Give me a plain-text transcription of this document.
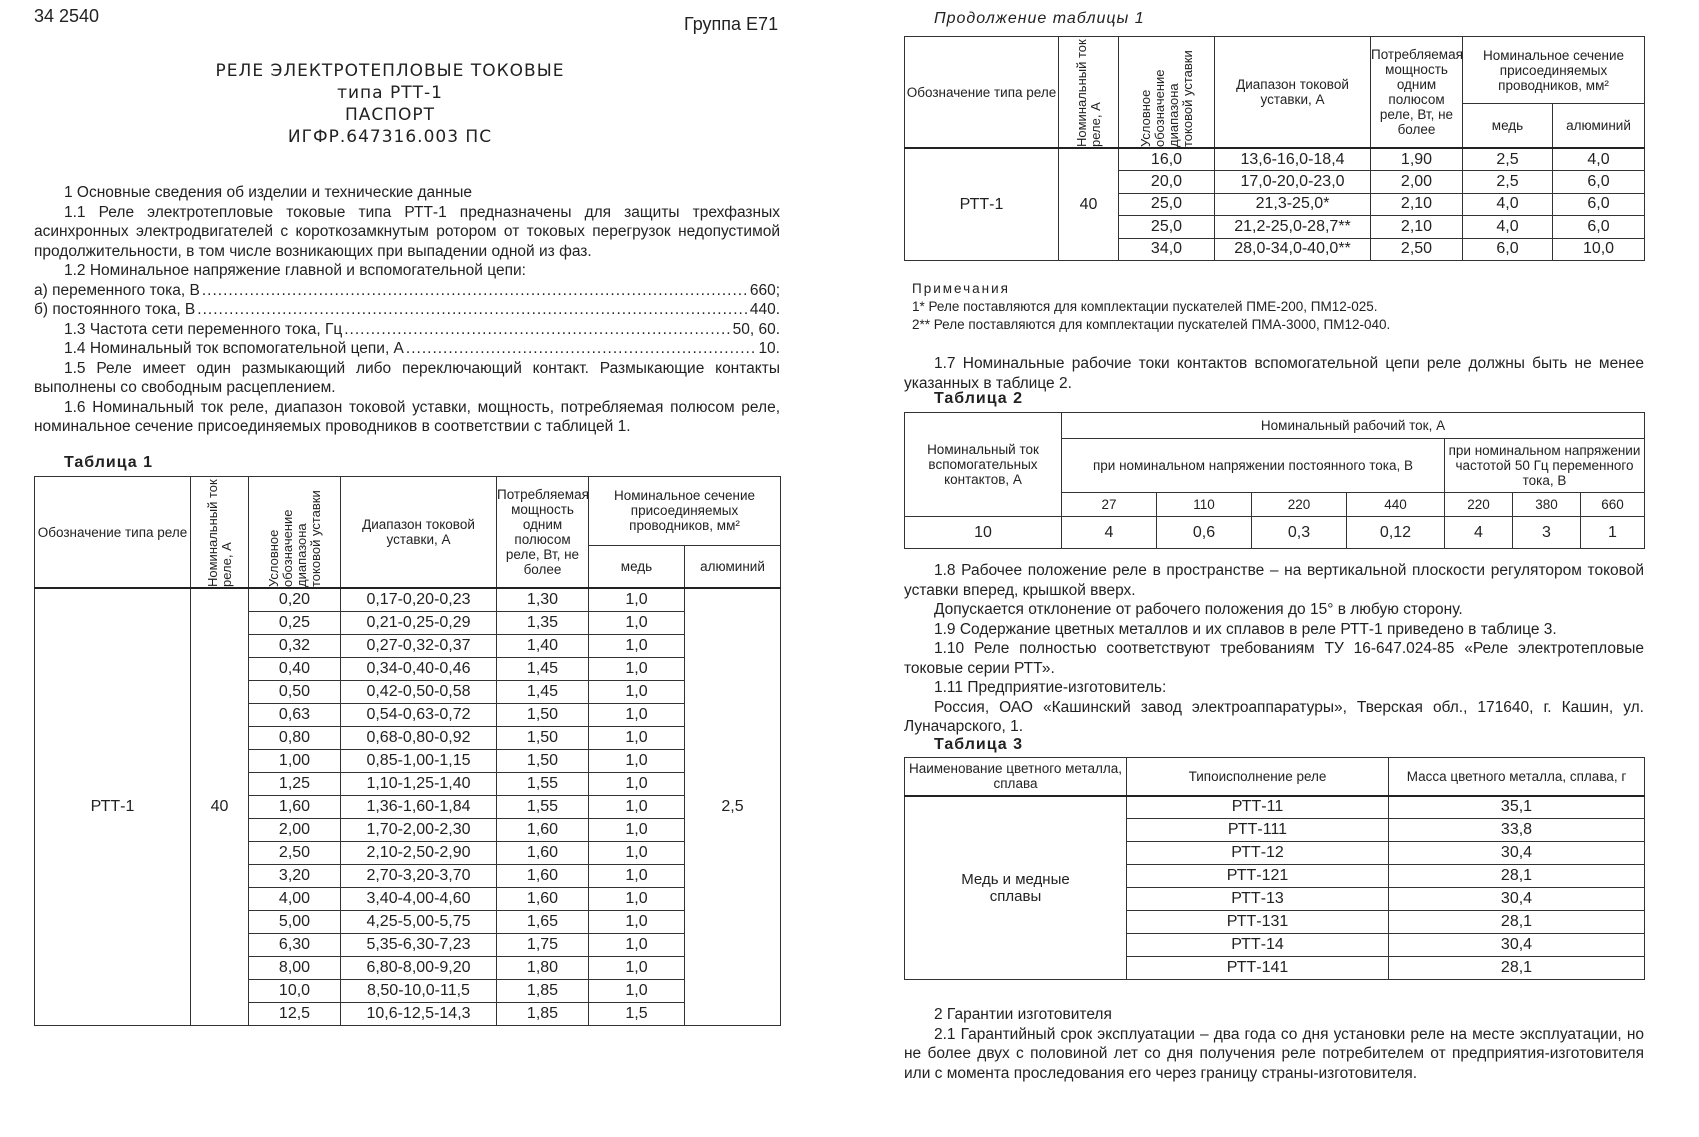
34 2540	Группа Е71

РЕЛЕ ЭЛЕКТРОТЕПЛОВЫЕ ТОКОВЫЕ

типа РТТ-1

ПАСПОРТ

ИГФР.647316.003 ПС

1 Основные сведения об изделии и технические данные

1.1 Реле электротепловые токовые типа РТТ-1 предназначены для защиты трехфазных асинхронных электродвигателей с короткозамкнутым ротором от токовых перегрузок недопустимой продолжительности, в том числе возникающих при выпадении одной из фаз.

1.2 Номинальное напряжение главной и вспомогательной цепи:

а) переменного тока, В .....	660;
б) постоянного тока, В .....	440.
1.3 Частота сети переменного тока, Гц .....	50, 60.
1.4 Номинальный ток вспомогательной цепи, А .....	10.

1.5 Реле имеет один размыкающий либо переключающий контакт. Размыкающие контакты выполнены со свободным расцеплением.

1.6 Номинальный ток реле, диапазон токовой уставки, мощность, потребляемая полюсом реле, номинальное сечение присоединяемых проводников в соответствии с таблицей 1.

Таблица 1
Обозначение типа реле	Номинальный ток реле, А	Условное обозначение диапазона токовой уставки	Диапазон токовой уставки, А	Потребляемая мощность одним полюсом реле, Вт, не более	Номинальное сечение присоединяемых проводников, мм²	
					медь	алюминий
РТТ-1	40	0,20	0,17-0,20-0,23	1,30	1,0	2,5
		0,25	0,21-0,25-0,29	1,35	1,0	
		0,32	0,27-0,32-0,37	1,40	1,0	
		0,40	0,34-0,40-0,46	1,45	1,0	
		0,50	0,42-0,50-0,58	1,45	1,0	
		0,63	0,54-0,63-0,72	1,50	1,0	
		0,80	0,68-0,80-0,92	1,50	1,0	
		1,00	0,85-1,00-1,15	1,50	1,0	
		1,25	1,10-1,25-1,40	1,55	1,0	
		1,60	1,36-1,60-1,84	1,55	1,0	
		2,00	1,70-2,00-2,30	1,60	1,0	
		2,50	2,10-2,50-2,90	1,60	1,0	
		3,20	2,70-3,20-3,70	1,60	1,0	
		4,00	3,40-4,00-4,60	1,60	1,0	
		5,00	4,25-5,00-5,75	1,65	1,0	
		6,30	5,35-6,30-7,23	1,75	1,0	
		8,00	6,80-8,00-9,20	1,80	1,0	
		10,0	8,50-10,0-11,5	1,85	1,0	
		12,5	10,6-12,5-14,3	1,85	1,5	
Продолжение таблицы 1
Обозначение типа реле	Номинальный ток реле, А	Условное обозначение диапазона токовой уставки	Диапазон токовой уставки, А	Потребляемая мощность одним полюсом реле, Вт, не более	Номинальное сечение присоединяемых проводников, мм²	
					медь	алюминий
РТТ-1	40	16,0	13,6-16,0-18,4	1,90	2,5	4,0
		20,0	17,0-20,0-23,0	2,00	2,5	6,0
		25,0	21,3-25,0*	2,10	4,0	6,0
		25,0	21,2-25,0-28,7**	2,10	4,0	6,0
		34,0	28,0-34,0-40,0**	2,50	6,0	10,0
Примечания
1* Реле поставляются для комплектации пускателей ПМЕ-200, ПМ12-025.
2** Реле поставляются для комплектации пускателей ПМА-3000, ПМ12-040.

1.7 Номинальные рабочие токи контактов вспомогательной цепи реле должны быть не менее указанных в таблице 2.

Таблица 2
Номинальный ток вспомогательных контактов, А	Номинальный рабочий ток, А						
	при номинальном напряжении постоянного тока, В				при номинальном напряжении частотой 50 Гц переменного тока, В		
	27	110	220	440	220	380	660
10	4	0,6	0,3	0,12	4	3	1

1.8 Рабочее положение реле в пространстве – на вертикальной плоскости регулятором токовой уставки вперед, крышкой вверх.

Допускается отклонение от рабочего положения до 15° в любую сторону.

1.9 Содержание цветных металлов и их сплавов в реле РТТ-1 приведено в таблице 3.

1.10 Реле полностью соответствуют требованиям ТУ 16-647.024-85 «Реле электротепловые токовые серии РТТ».

1.11 Предприятие-изготовитель:

Россия, ОАО «Кашинский завод электроаппаратуры», Тверская обл., 171640, г. Кашин, ул. Луначарского, 1.

Таблица 3
Наименование цветного металла, сплава	Типоисполнение реле	Масса цветного металла, сплава, г
Медь и медные сплавы	РТТ-11	35,1
	РТТ-111	33,8
	РТТ-12	30,4
	РТТ-121	28,1
	РТТ-13	30,4
	РТТ-131	28,1
	РТТ-14	30,4
	РТТ-141	28,1

2 Гарантии изготовителя

2.1 Гарантийный срок эксплуатации – два года со дня установки реле на месте эксплуатации, но не более двух с половиной лет со дня получения реле потребителем от предприятия-изготовителя или с момента проследования его через границу страны-изготовителя.
